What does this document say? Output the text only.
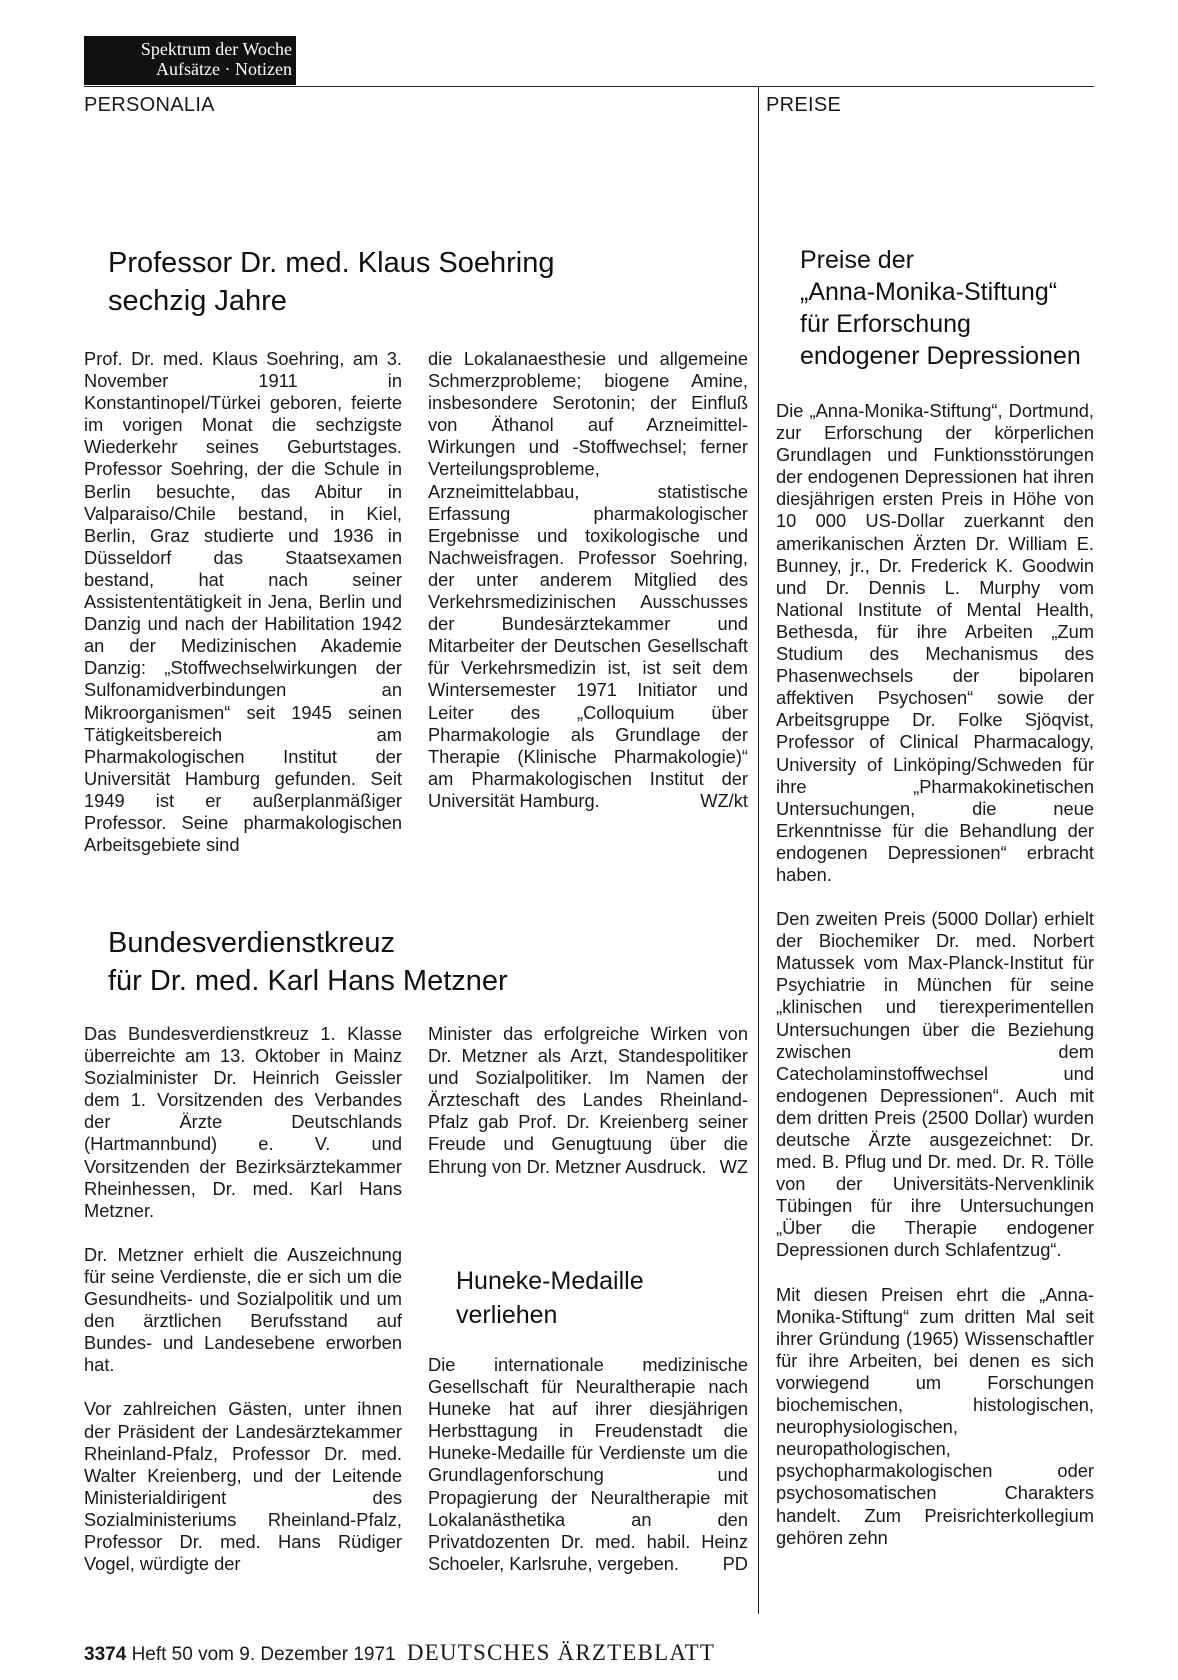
Spektrum der Woche
Aufsätze · Notizen
PERSONALIA	PREISE
Professor Dr. med. Klaus Soehring
sechzig Jahre

Prof. Dr. med. Klaus Soehring, am 3. November 1911 in Konstantinopel/Türkei geboren, feierte im vorigen Monat die sechzigste Wiederkehr seines Geburtstages. Professor Soehring, der die Schule in Berlin besuchte, das Abitur in Valparaiso/Chile bestand, in Kiel, Berlin, Graz studierte und 1936 in Düsseldorf das Staatsexamen bestand, hat nach seiner Assistententätigkeit in Jena, Berlin und Danzig und nach der Habilitation 1942 an der Medizinischen Akademie Danzig: „Stoffwechselwirkungen der Sulfonamidverbindungen an Mikroorganismen“ seit 1945 seinen Tätigkeitsbereich am Pharmakologischen Institut der Universität Hamburg gefunden. Seit 1949 ist er außerplanmäßiger Professor. Seine pharmakologischen Arbeitsgebiete sind

die Lokalanaesthesie und allgemeine Schmerzprobleme; biogene Amine, insbesondere Serotonin; der Einfluß von Äthanol auf Arzneimittel-Wirkungen und -Stoffwechsel; ferner Verteilungsprobleme, Arzneimittelabbau, statistische Erfassung pharmakologischer Ergebnisse und toxikologische und Nachweisfragen. Professor Soehring, der unter anderem Mitglied des Verkehrsmedizinischen Ausschusses der Bundesärztekammer und Mitarbeiter der Deutschen Gesellschaft für Verkehrsmedizin ist, ist seit dem Wintersemester 1971 Initiator und Leiter des „Colloquium über Pharmakologie als Grundlage der Therapie (Klinische Pharmakologie)“ am Pharmakologischen Institut der Universität Hamburg.	WZ/kt
Bundesverdienstkreuz
für Dr. med. Karl Hans Metzner

Das Bundesverdienstkreuz 1. Klasse überreichte am 13. Oktober in Mainz Sozialminister Dr. Heinrich Geissler dem 1. Vorsitzenden des Verbandes der Ärzte Deutschlands (Hartmannbund) e. V. und Vorsitzenden der Bezirksärztekammer Rheinhessen, Dr. med. Karl Hans Metzner.

Dr. Metzner erhielt die Auszeichnung für seine Verdienste, die er sich um die Gesundheits- und Sozialpolitik und um den ärztlichen Berufsstand auf Bundes- und Landesebene erworben hat.

Vor zahlreichen Gästen, unter ihnen der Präsident der Landesärztekammer Rheinland-Pfalz, Professor Dr. med. Walter Kreienberg, und der Leitende Ministerialdirigent des Sozialministeriums Rheinland-Pfalz, Professor Dr. med. Hans Rüdiger Vogel, würdigte der

Minister das erfolgreiche Wirken von Dr. Metzner als Arzt, Standespolitiker und Sozialpolitiker. Im Namen der Ärzteschaft des Landes Rheinland-Pfalz gab Prof. Dr. Kreienberg seiner Freude und Genugtuung über die Ehrung von Dr. Metzner Ausdruck. WZ
Huneke-Medaille
verliehen

Die internationale medizinische Gesellschaft für Neuraltherapie nach Huneke hat auf ihrer diesjährigen Herbsttagung in Freudenstadt die Huneke-Medaille für Verdienste um die Grundlagenforschung und Propagierung der Neuraltherapie mit Lokalanästhetika an den Privatdozenten Dr. med. habil. Heinz Schoeler, Karlsruhe, vergeben.	PD
Preise der
„Anna-Monika-Stiftung“
für Erforschung
endogener Depressionen

Die „Anna-Monika-Stiftung“, Dortmund, zur Erforschung der körperlichen Grundlagen und Funktionsstörungen der endogenen Depressionen hat ihren diesjährigen ersten Preis in Höhe von 10 000 US-Dollar zuerkannt den amerikanischen Ärzten Dr. William E. Bunney, jr., Dr. Frederick K. Goodwin und Dr. Dennis L. Murphy vom National Institute of Mental Health, Bethesda, für ihre Arbeiten „Zum Studium des Mechanismus des Phasenwechsels der bipolaren affektiven Psychosen“ sowie der Arbeitsgruppe Dr. Folke Sjöqvist, Professor of Clinical Pharmacalogy, University of Linköping/Schweden für ihre „Pharmakokinetischen Untersuchungen, die neue Erkenntnisse für die Behandlung der endogenen Depressionen“ erbracht haben.

Den zweiten Preis (5000 Dollar) erhielt der Biochemiker Dr. med. Norbert Matussek vom Max-Planck-Institut für Psychiatrie in München für seine „klinischen und tierexperimentellen Untersuchungen über die Beziehung zwischen dem Catecholaminstoffwechsel und endogenen Depressionen“. Auch mit dem dritten Preis (2500 Dollar) wurden deutsche Ärzte ausgezeichnet: Dr. med. B. Pflug und Dr. med. Dr. R. Tölle von der Universitäts-Nervenklinik Tübingen für ihre Untersuchungen „Über die Therapie endogener Depressionen durch Schlafentzug“.

Mit diesen Preisen ehrt die „Anna-Monika-Stiftung“ zum dritten Mal seit ihrer Gründung (1965) Wissenschaftler für ihre Arbeiten, bei denen es sich vorwiegend um Forschungen biochemischen, histologischen, neurophysiologischen, neuropathologischen, psychopharmakologischen oder psychosomatischen Charakters handelt. Zum Preisrichterkollegium gehören zehn

3374 Heft 50 vom 9. Dezember 1971 DEUTSCHES ÄRZTEBLATT
